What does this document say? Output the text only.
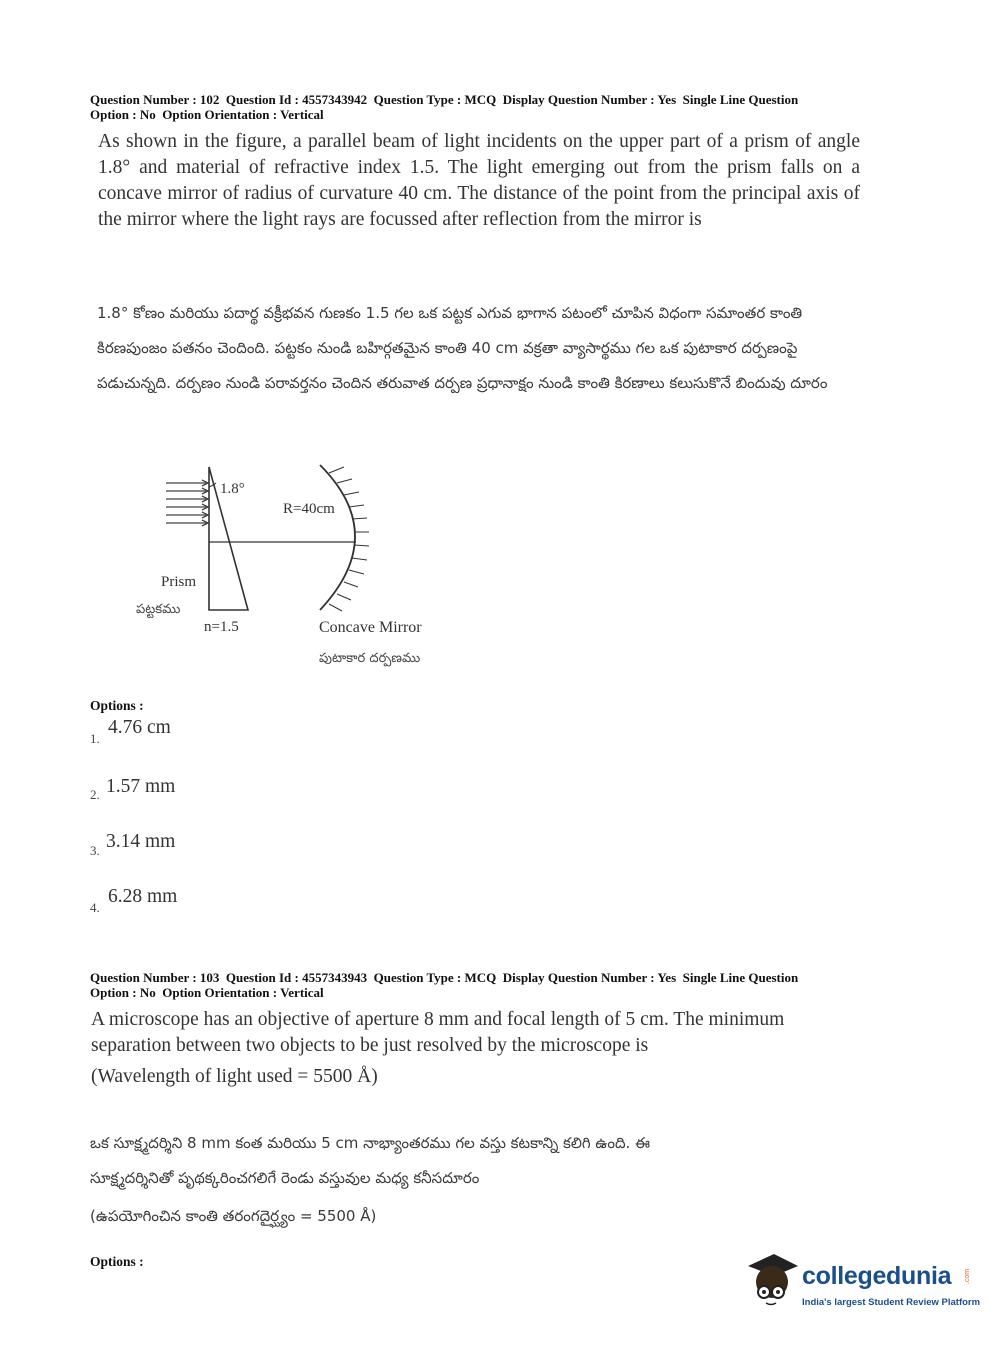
Question Number : 102  Question Id : 4557343942  Question Type : MCQ  Display Question Number : Yes  Single Line Question
Option : No  Option Orientation : Vertical
As shown in the figure, a parallel beam of light incidents on the upper part of a prism of angle 1.8° and material of refractive index 1.5. The light emerging out from the prism falls on a concave mirror of radius of curvature 40 cm. The distance of the point from the principal axis of the mirror where the light rays are focussed after reflection from the mirror is
1.8° కోణం మరియు పదార్థ వక్రీభవన గుణకం 1.5 గల ఒక పట్టక ఎగువ భాగాన పటంలో చూపిన విధంగా సమాంతర కాంతి కిరణపుంజం పతనం చెందింది. పట్టకం నుండి బహిర్గతమైన కాంతి 40 cm వక్రతా వ్యాసార్థము గల ఒక పుటాకార దర్పణంపై పడుచున్నది. దర్పణం నుండి పరావర్తనం చెందిన తరువాత దర్పణ ప్రధానాక్షం నుండి కాంతి కిరణాలు కలుసుకొనే బిందువు దూరం
1.8°
R=40cm
Prism
పట్టకము
n=1.5	Concave Mirror
పుటాకార దర్పణము
Options :
1.
4.76 cm
2. 1.57 mm
3. 3.14 mm
4.
6.28 mm
Question Number : 103  Question Id : 4557343943  Question Type : MCQ  Display Question Number : Yes  Single Line Question
Option : No  Option Orientation : Vertical
A microscope has an objective of aperture 8 mm and focal length of 5 cm. The minimum
separation between two objects to be just resolved by the microscope is
(Wavelength of light used = 5500 Å)
ఒక సూక్ష్మదర్శిని 8 mm కంత మరియు 5 cm నాభ్యాంతరము గల వస్తు కటకాన్ని కలిగి ఉంది. ఈ
సూక్ష్మదర్శినితో పృథక్కరించగలిగే రెండు వస్తువుల మధ్య కనీసదూరం
(ఉపయోగించిన కాంతి తరంగదైర్ఘ్యం = 5500 Å)
Options :
collegedunia .com
India's largest Student Review Platform
